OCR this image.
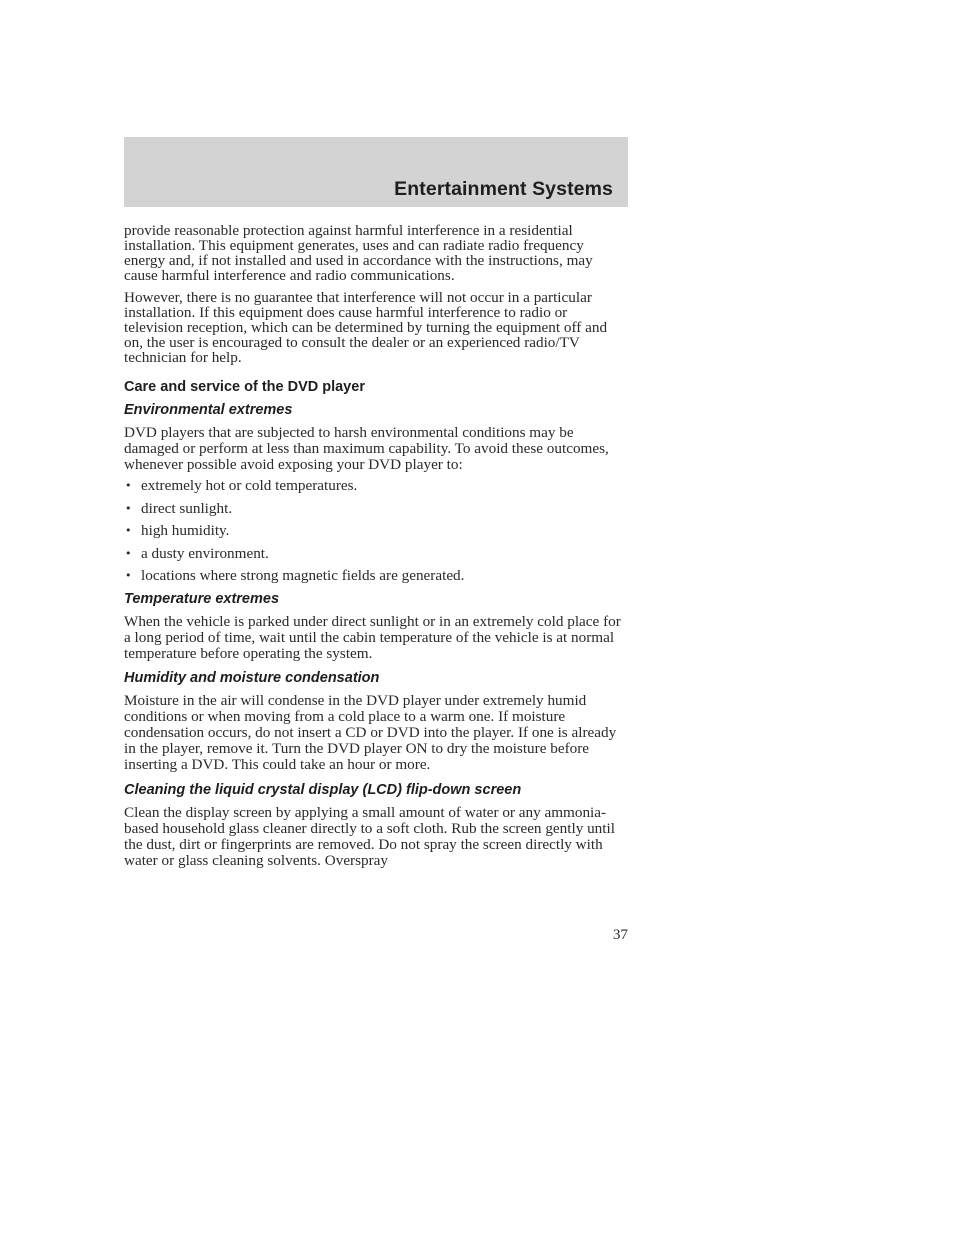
Entertainment Systems

provide reasonable protection against harmful interference in a residential installation. This equipment generates, uses and can radiate radio frequency energy and, if not installed and used in accordance with the instructions, may cause harmful interference and radio communications.

However, there is no guarantee that interference will not occur in a particular installation. If this equipment does cause harmful interference to radio or television reception, which can be determined by turning the equipment off and on, the user is encouraged to consult the dealer or an experienced radio/TV technician for help.

Care and service of the DVD player
Environmental extremes

DVD players that are subjected to harsh environmental conditions may be damaged or perform at less than maximum capability. To avoid these outcomes, whenever possible avoid exposing your DVD player to:

• extremely hot or cold temperatures.
• direct sunlight.
• high humidity.
• a dusty environment.
• locations where strong magnetic fields are generated.
Temperature extremes

When the vehicle is parked under direct sunlight or in an extremely cold place for a long period of time, wait until the cabin temperature of the vehicle is at normal temperature before operating the system.

Humidity and moisture condensation

Moisture in the air will condense in the DVD player under extremely humid conditions or when moving from a cold place to a warm one. If moisture condensation occurs, do not insert a CD or DVD into the player. If one is already in the player, remove it. Turn the DVD player ON to dry the moisture before inserting a DVD. This could take an hour or more.

Cleaning the liquid crystal display (LCD) flip-down screen

Clean the display screen by applying a small amount of water or any ammonia-based household glass cleaner directly to a soft cloth. Rub the screen gently until the dust, dirt or fingerprints are removed. Do not spray the screen directly with water or glass cleaning solvents. Overspray

37
